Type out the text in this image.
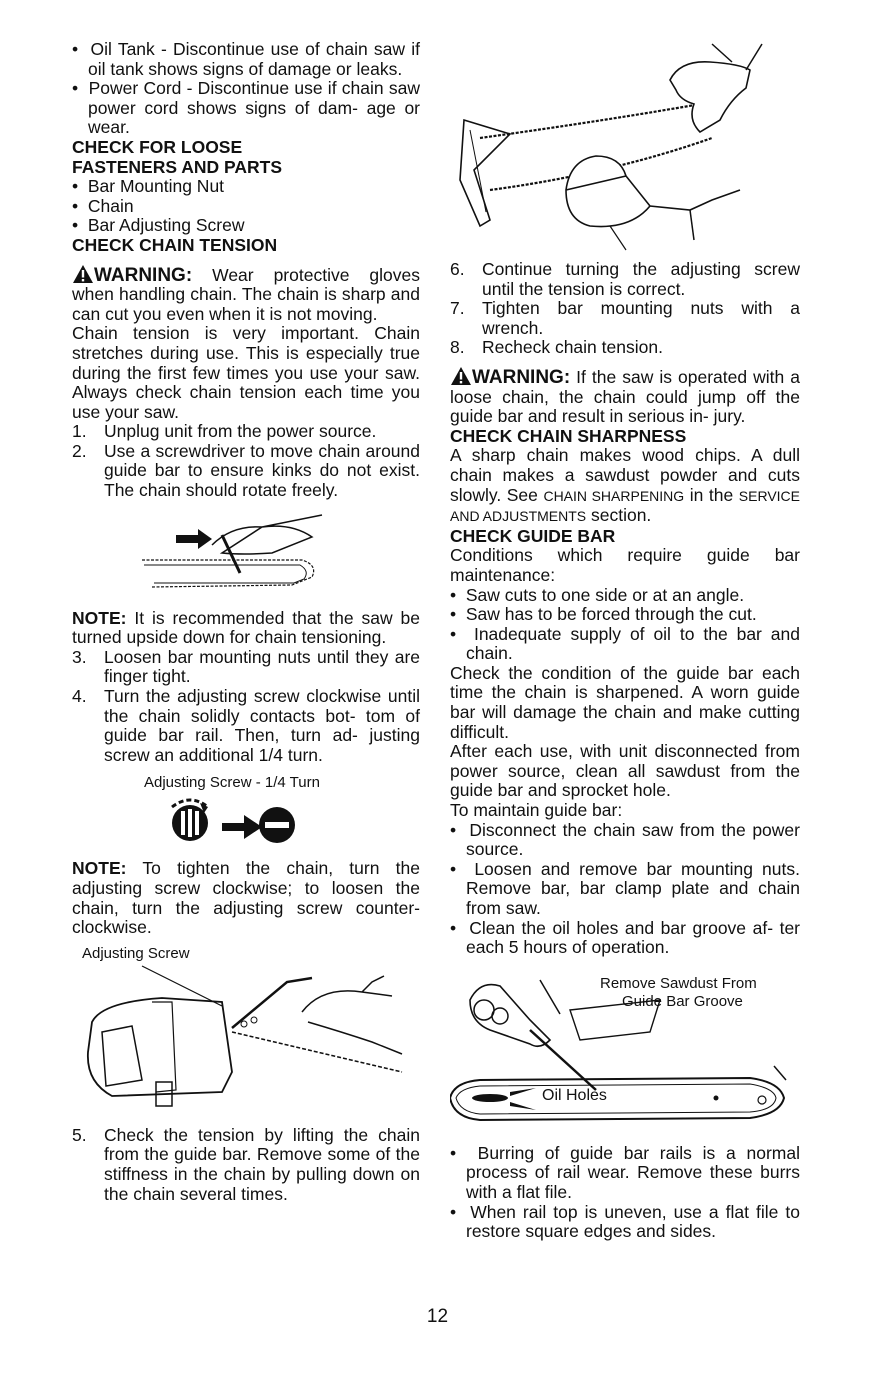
•  Oil Tank - Discontinue use of chain saw if oil tank shows signs of damage or leaks.

•  Power Cord - Discontinue use if chain saw power cord shows signs of dam- age or wear.

CHECK FOR LOOSE
FASTENERS AND PARTS

•  Bar Mounting Nut

•  Chain

•  Bar Adjusting Screw

CHECK CHAIN TENSION

WARNING: Wear protective gloves when handling chain. The chain is sharp and can cut you even when it is not moving.

Chain tension is very important. Chain stretches during use. This is especially true during the first few times you use your saw. Always check chain tension each time you use your saw.

1. Unplug unit from the power source.

2. Use a screwdriver to move chain around guide bar to ensure kinks do not exist. The chain should rotate freely.

NOTE: It is recommended that the saw be turned upside down for chain tensioning.

3. Loosen bar mounting nuts until they are finger tight.

4. Turn the adjusting screw clockwise until the chain solidly contacts bot- tom of guide bar rail. Then, turn ad- justing screw an additional 1/4 turn.

Adjusting Screw - 1/4 Turn

NOTE: To tighten the chain, turn the adjusting screw clockwise; to loosen the chain, turn the adjusting screw counter- clockwise.

Adjusting Screw

5. Check the tension by lifting the chain from the guide bar. Remove some of the stiffness in the chain by pulling down on the chain several times.

6. Continue turning the adjusting screw until the tension is correct.

7. Tighten bar mounting nuts with a wrench.

8. Recheck chain tension.

WARNING: If the saw is operated with a loose chain, the chain could jump off the guide bar and result in serious in- jury.

CHECK CHAIN SHARPNESS

A sharp chain makes wood chips. A dull chain makes a sawdust powder and cuts slowly. See CHAIN SHARPENING in the SERVICE AND ADJUSTMENTS section.

CHECK GUIDE BAR

Conditions which require guide bar maintenance:

•  Saw cuts to one side or at an angle.

•  Saw has to be forced through the cut.

•  Inadequate supply of oil to the bar and chain.

Check the condition of the guide bar each time the chain is sharpened. A worn guide bar will damage the chain and make cutting difficult.

After each use, with unit disconnected from power source, clean all sawdust from the guide bar and sprocket hole.

To maintain guide bar:

•  Disconnect the chain saw from the power source.

•  Loosen and remove bar mounting nuts. Remove bar, bar clamp plate and chain from saw.

•  Clean the oil holes and bar groove af- ter each 5 hours of operation.

Remove Sawdust From
Guide Bar Groove
Oil Holes

•  Burring of guide bar rails is a normal process of rail wear. Remove these burrs with a flat file.

•  When rail top is uneven, use a flat file to restore square edges and sides.

12
